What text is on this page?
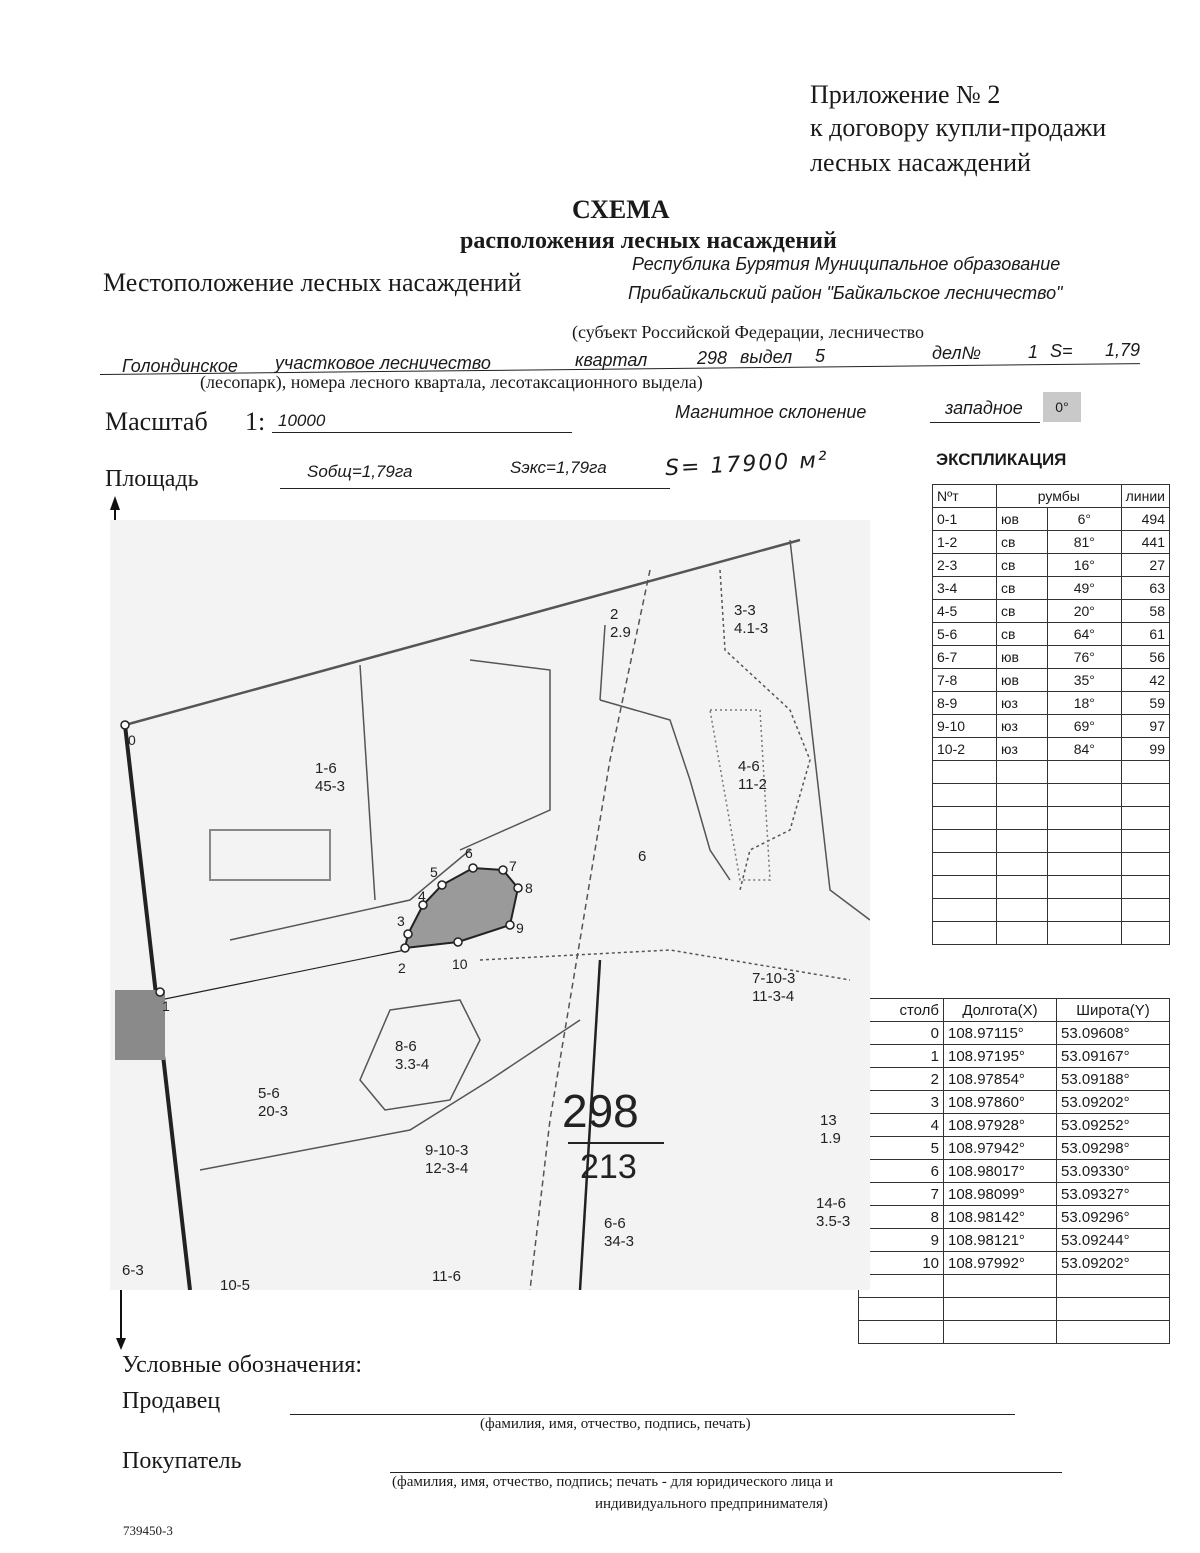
Приложение № 2
к договору купли-продажи
лесных насаждений
СХЕМА
расположения лесных насаждений
Местоположение лесных насаждений
Республика Бурятия Муниципальное образование
Прибайкальский район "Байкальское лесничество"
(субъект Российской Федерации, лесничество
Голондинское участковое лесничество	квартал	298 выдел 5	дел№	1 S= 1,79
(лесопарк), номера лесного квартала, лесотаксационного выдела)
Масштаб 1: 10000	Магнитное склонение	западное	0°
Площадь	Sобщ=1,79га	Sэкс=1,79га	S= 17900 м²	ЭКСПЛИКАЦИЯ
Nºт	румбы		линии
0-1	юв	6°	494
1-2	св	81°	441
2-3	св	16°	27
3-4	св	49°	63
4-5	св	20°	58
5-6	св	64°	61
6-7	юв	76°	56
7-8	юв	35°	42
8-9	юз	18°	59
9-10	юз	69°	97
10-2	юз	84°	99

столб	Долгота(X)	Широта(Y)
0	108.97115°	53.09608°
1	108.97195°	53.09167°
2	108.97854°	53.09188°
3	108.97860°	53.09202°
4	108.97928°	53.09252°
5	108.97942°	53.09298°
6	108.98017°	53.09330°
7	108.98099°	53.09327°
8	108.98142°	53.09296°
9	108.98121°	53.09244°
10	108.97992°	53.09202°

2
2.9
3-3
4.1-3
1-6
45-3
4-6
11-2
6
7-10-3
11-3-4
8-6
3.3-4
5-6
20-3
9-10-3
12-3-4
13
1.9
14-6
3.5-3
6-6
34-3
11-6
10-5
6-3
298
213
0
1
2
3
4
5
6
7
8
9
10
Условные обозначения:
Продавец
(фамилия, имя, отчество, подпись, печать)
Покупатель
(фамилия, имя, отчество, подпись; печать - для юридического лица и
индивидуального предпринимателя)
739450-3
